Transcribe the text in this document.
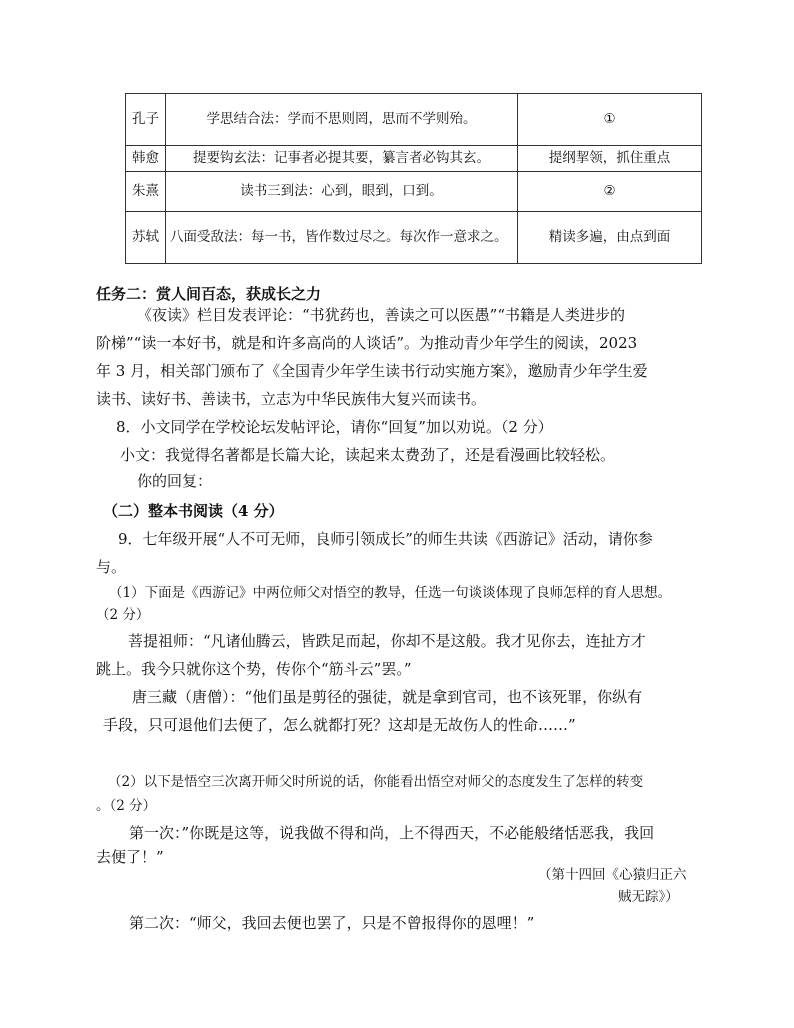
孔子	学思结合法：学而不思则罔，思而不学则殆。	①
韩愈	提要钩玄法：记事者必提其要，纂言者必钩其玄。	提纲挈领，抓住重点
朱熹	读书三到法：心到，眼到，口到。	②
苏轼	八面受敌法：每一书，皆作数过尽之。每次作一意求之。	精读多遍，由点到面
任务二：赏人间百态，获成长之力
《夜读》栏目发表评论：“书犹药也，善读之可以医愚”“书籍是人类进步的
阶梯”“读一本好书，就是和许多高尚的人谈话”。为推动青少年学生的阅读，2023
年 3 月，相关部门颁布了《全国青少年学生读书行动实施方案》，邀励青少年学生爱
读书、读好书、善读书，立志为中华民族伟大复兴而读书。
8．小文同学在学校论坛发帖评论，请你“回复”加以劝说。（2 分）
小文：我觉得名著都是长篇大论，读起来太费劲了，还是看漫画比较轻松。
你的回复：
（二）整本书阅读（4 分）
9．七年级开展“人不可无师，良师引领成长”的师生共读《西游记》活动，请你参
与。
（1）下面是《西游记》中两位师父对悟空的教导，任选一句谈谈体现了良师怎样的育人思想。
（2 分）
菩提祖师：“凡诸仙腾云，皆跌足而起，你却不是这般。我才见你去，连扯方才
跳上。我今只就你这个势，传你个“筋斗云”罢。”
唐三藏（唐僧）：“他们虽是剪径的强徒，就是拿到官司，也不该死罪，你纵有
手段，只可退他们去便了，怎么就都打死？这却是无故伤人的性命……”
（2）以下是悟空三次离开师父时所说的话，你能看出悟空对师父的态度发生了怎样的转变
。（2 分）
第一次：”你既是这等，说我做不得和尚，上不得西天，不必能般绪恬恶我，我回
去便了！”
（第十四回《心猿归正六
贼无踪》）
第二次：“师父，我回去便也罢了，只是不曾报得你的恩哩！”
